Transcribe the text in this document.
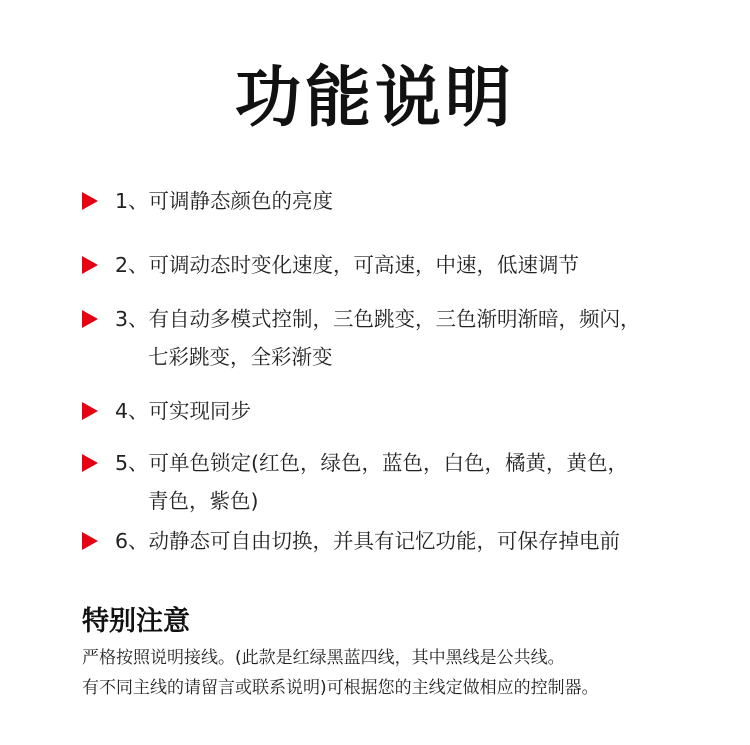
功能说明
1、可调静态颜色的亮度
2、可调动态时变化速度，可高速，中速，低速调节
3、有自动多模式控制，三色跳变，三色渐明渐暗，频闪，
七彩跳变，全彩渐变
4、可实现同步
5、可单色锁定(红色，绿色，蓝色，白色，橘黄，黄色，
青色，紫色)
6、动静态可自由切换，并具有记忆功能，可保存掉电前
特别注意
严格按照说明接线。(此款是红绿黑蓝四线，其中黑线是公共线。
有不同主线的请留言或联系说明)可根据您的主线定做相应的控制器。
